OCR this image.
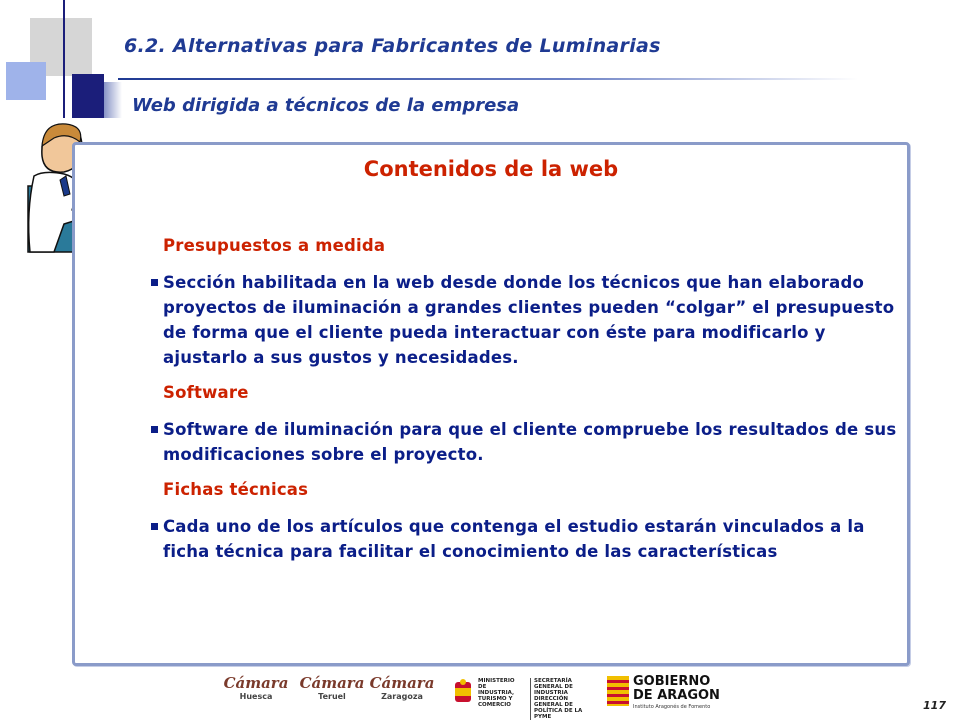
6.2. Alternativas para Fabricantes de Luminarias
Web dirigida a técnicos de la empresa
Contenidos de la web
Presupuestos a medida
Sección habilitada en la web desde donde los técnicos que han elaborado proyectos de iluminación a grandes clientes pueden “colgar” el presupuesto de forma que el cliente pueda interactuar con éste para modificarlo y ajustarlo a sus gustos y necesidades.
Software
Software de iluminación para que el cliente compruebe los resultados de sus modificaciones sobre el proyecto.
Fichas técnicas
Cada uno de los artículos que contenga el estudio estarán vinculados a la ficha técnica para facilitar el conocimiento de las características
Cámara
Huesca
Cámara
Teruel
Cámara
Zaragoza
MINISTERIO DE INDUSTRIA, TURISMO Y COMERCIO
SECRETARÍA GENERAL DE INDUSTRIA DIRECCIÓN GENERAL DE POLÍTICA DE LA PYME
GOBIERNO
DE ARAGON
Instituto Aragonés de Fomento	117
